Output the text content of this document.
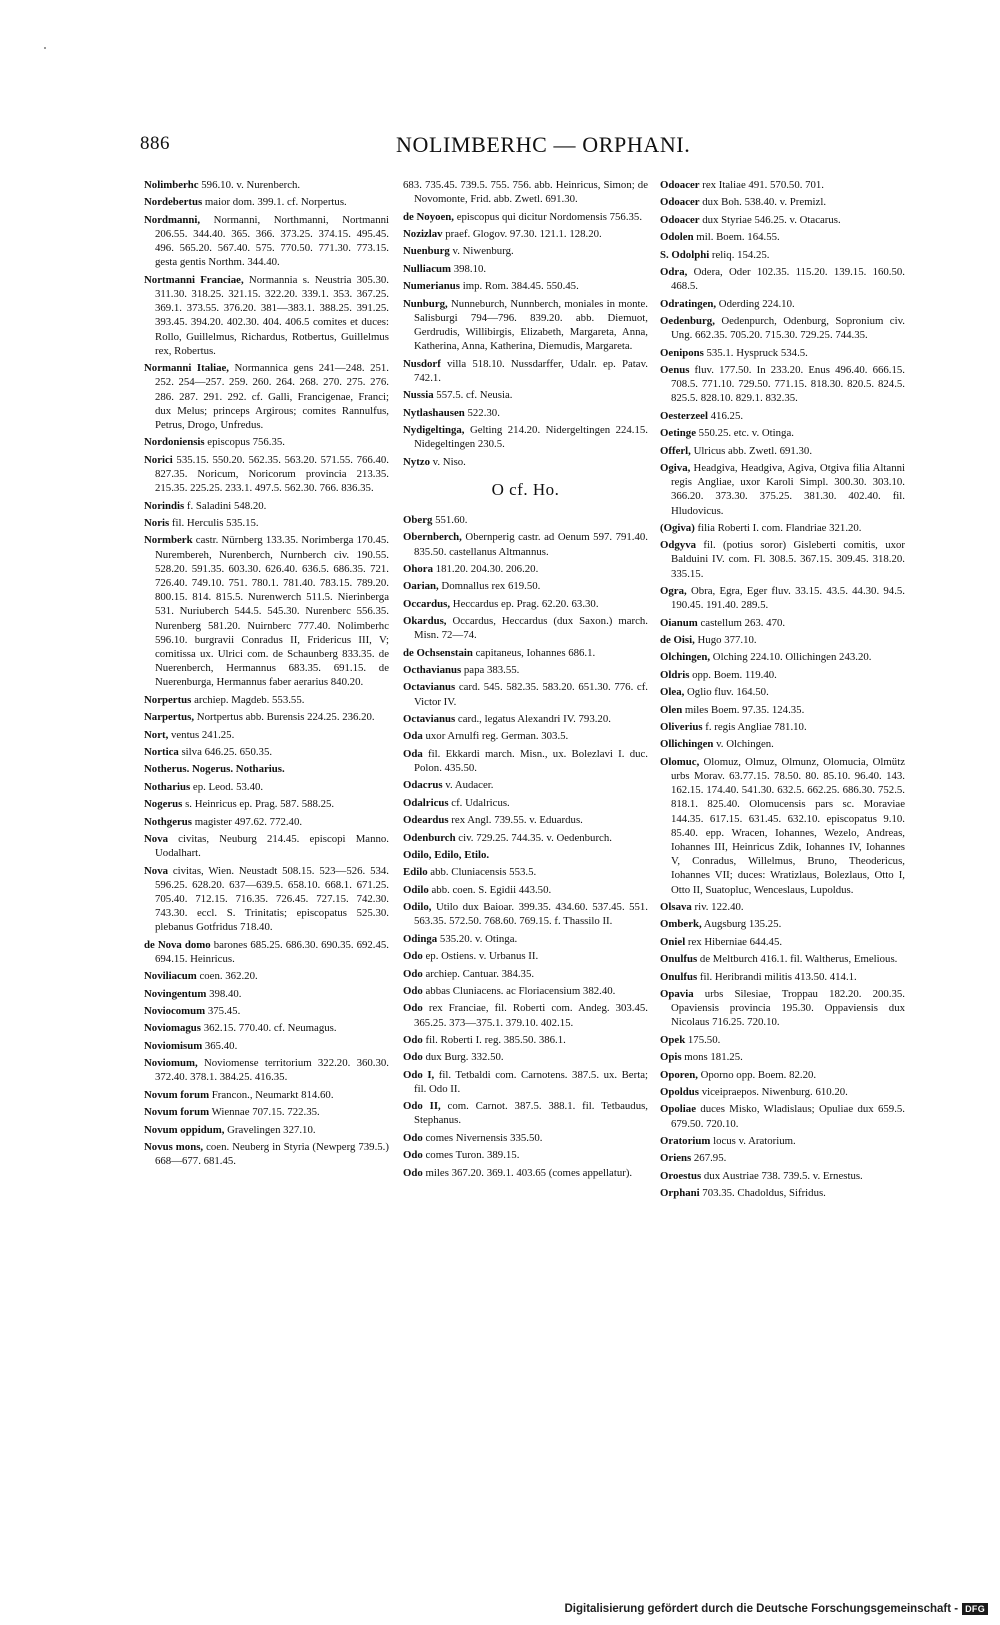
886	NOLIMBERHC — ORPHANI.

Nolimberhc 596.10. v. Nurenberch.

Nordebertus maior dom. 399.1. cf. Norpertus.

Nordmanni, Normanni, Northmanni, Nortmanni 206.55. 344.40. 365. 366. 373.25. 374.15. 495.45. 496. 565.20. 567.40. 575. 770.50. 771.30. 773.15. gesta gentis Northm. 344.40.

Nortmanni Franciae, Normannia s. Neustria 305.30. 311.30. 318.25. 321.15. 322.20. 339.1. 353. 367.25. 369.1. 373.55. 376.20. 381—383.1. 388.25. 391.25. 393.45. 394.20. 402.30. 404. 406.5 comites et duces: Rollo, Guillelmus, Richardus, Rotbertus, Guillelmus rex, Robertus.

Normanni Italiae, Normannica gens 241—248. 251. 252. 254—257. 259. 260. 264. 268. 270. 275. 276. 286. 287. 291. 292. cf. Galli, Francigenae, Franci; dux Melus; princeps Argirous; comites Rannulfus, Petrus, Drogo, Unfredus.

Nordoniensis episcopus 756.35.

Norici 535.15. 550.20. 562.35. 563.20. 571.55. 766.40. 827.35. Noricum, Noricorum provincia 213.35. 215.35. 225.25. 233.1. 497.5. 562.30. 766. 836.35.

Norindis f. Saladini 548.20.

Noris fil. Herculis 535.15.

Normberk castr. Nürnberg 133.35. Norimberga 170.45. Nurembereh, Nurenberch, Nurnberch civ. 190.55. 528.20. 591.35. 603.30. 626.40. 636.5. 686.35. 721. 726.40. 749.10. 751. 780.1. 781.40. 783.15. 789.20. 800.15. 814. 815.5. Nurenwerch 511.5. Nierinberga 531. Nuriuberch 544.5. 545.30. Nurenberc 556.35. Nurenberg 581.20. Nuirnberc 777.40. Nolimberhc 596.10. burgravii Conradus II, Fridericus III, V; comitissa ux. Ulrici com. de Schaunberg 833.35. de Nuerenberch, Hermannus 683.35. 691.15. de Nuerenburga, Hermannus faber aerarius 840.20.

Norpertus archiep. Magdeb. 553.55.

Narpertus, Nortpertus abb. Burensis 224.25. 236.20.

Nort, ventus 241.25.

Nortica silva 646.25. 650.35.

Notherus. Nogerus. Notharius.

Notharius ep. Leod. 53.40.

Nogerus s. Heinricus ep. Prag. 587. 588.25.

Nothgerus magister 497.62. 772.40.

Nova civitas, Neuburg 214.45. episcopi Manno. Uodalhart.

Nova civitas, Wien. Neustadt 508.15. 523—526. 534. 596.25. 628.20. 637—639.5. 658.10. 668.1. 671.25. 705.40. 712.15. 716.35. 726.45. 727.15. 742.30. 743.30. eccl. S. Trinitatis; episcopatus 525.30. plebanus Gotfridus 718.40.

de Nova domo barones 685.25. 686.30. 690.35. 692.45. 694.15. Heinricus.

Noviliacum coen. 362.20.

Novingentum 398.40.

Noviocomum 375.45.

Noviomagus 362.15. 770.40. cf. Neumagus.

Noviomisum 365.40.

Noviomum, Noviomense territorium 322.20. 360.30. 372.40. 378.1. 384.25. 416.35.

Novum forum Francon., Neumarkt 814.60.

Novum forum Wiennae 707.15. 722.35.

Novum oppidum, Gravelingen 327.10.

Novus mons, coen. Neuberg in Styria (Newperg 739.5.) 668—677. 681.45.

683. 735.45. 739.5. 755. 756. abb. Heinricus, Simon; de Novomonte, Frid. abb. Zwetl. 691.30.

de Noyoen, episcopus qui dicitur Nordomensis 756.35.

Nozizlav praef. Glogov. 97.30. 121.1. 128.20.

Nuenburg v. Niwenburg.

Nulliacum 398.10.

Numerianus imp. Rom. 384.45. 550.45.

Nunburg, Nunneburch, Nunnberch, moniales in monte. Salisburgi 794—796. 839.20. abb. Diemuot, Gerdrudis, Willibirgis, Elizabeth, Margareta, Anna, Katherina, Anna, Katherina, Diemudis, Margareta.

Nusdorf villa 518.10. Nussdarffer, Udalr. ep. Patav. 742.1.

Nussia 557.5. cf. Neusia.

Nytlashausen 522.30.

Nydigeltinga, Gelting 214.20. Nidergeltingen 224.15. Nidegeltingen 230.5.

Nytzo v. Niso.

O cf. Ho.

Oberg 551.60.

Obernberch, Obernperig castr. ad Oenum 597. 791.40. 835.50. castellanus Altmannus.

Ohora 181.20. 204.30. 206.20.

Oarian, Domnallus rex 619.50.

Occardus, Heccardus ep. Prag. 62.20. 63.30.

Okardus, Occardus, Heccardus (dux Saxon.) march. Misn. 72—74.

de Ochsenstain capitaneus, Iohannes 686.1.

Octhavianus papa 383.55.

Octavianus card. 545. 582.35. 583.20. 651.30. 776. cf. Victor IV.

Octavianus card., legatus Alexandri IV. 793.20.

Oda uxor Arnulfi reg. German. 303.5.

Oda fil. Ekkardi march. Misn., ux. Bolezlavi I. duc. Polon. 435.50.

Odacrus v. Audacer.

Odalricus cf. Udalricus.

Odeardus rex Angl. 739.55. v. Eduardus.

Odenburch civ. 729.25. 744.35. v. Oedenburch.

Odilo, Edilo, Etilo.

Edilo abb. Cluniacensis 553.5.

Odilo abb. coen. S. Egidii 443.50.

Odilo, Utilo dux Baioar. 399.35. 434.60. 537.45. 551. 563.35. 572.50. 768.60. 769.15. f. Thassilo II.

Odinga 535.20. v. Otinga.

Odo ep. Ostiens. v. Urbanus II.

Odo archiep. Cantuar. 384.35.

Odo abbas Cluniacens. ac Floriacensium 382.40.

Odo rex Franciae, fil. Roberti com. Andeg. 303.45. 365.25. 373—375.1. 379.10. 402.15.

Odo fil. Roberti I. reg. 385.50. 386.1.

Odo dux Burg. 332.50.

Odo I, fil. Tetbaldi com. Carnotens. 387.5. ux. Berta; fil. Odo II.

Odo II, com. Carnot. 387.5. 388.1. fil. Tetbaudus, Stephanus.

Odo comes Nivernensis 335.50.

Odo comes Turon. 389.15.

Odo miles 367.20. 369.1. 403.65 (comes appellatur).

Odoacer rex Italiae 491. 570.50. 701.

Odoacer dux Boh. 538.40. v. Premizl.

Odoacer dux Styriae 546.25. v. Otacarus.

Odolen mil. Boem. 164.55.

S. Odolphi reliq. 154.25.

Odra, Odera, Oder 102.35. 115.20. 139.15. 160.50. 468.5.

Odratingen, Oderding 224.10.

Oedenburg, Oedenpurch, Odenburg, Sopronium civ. Ung. 662.35. 705.20. 715.30. 729.25. 744.35.

Oenipons 535.1. Hyspruck 534.5.

Oenus fluv. 177.50. In 233.20. Enus 496.40. 666.15. 708.5. 771.10. 729.50. 771.15. 818.30. 820.5. 824.5. 825.5. 828.10. 829.1. 832.35.

Oesterzeel 416.25.

Oetinge 550.25. etc. v. Otinga.

Offerl, Ulricus abb. Zwetl. 691.30.

Ogiva, Headgiva, Headgiva, Agiva, Otgiva filia Altanni regis Angliae, uxor Karoli Simpl. 300.30. 303.10. 366.20. 373.30. 375.25. 381.30. 402.40. fil. Hludovicus.

(Ogiva) filia Roberti I. com. Flandriae 321.20.

Odgyva fil. (potius soror) Gisleberti comitis, uxor Balduini IV. com. Fl. 308.5. 367.15. 309.45. 318.20. 335.15.

Ogra, Obra, Egra, Eger fluv. 33.15. 43.5. 44.30. 94.5. 190.45. 191.40. 289.5.

Oianum castellum 263. 470.

de Oisi, Hugo 377.10.

Olchingen, Olching 224.10. Ollichingen 243.20.

Oldris opp. Boem. 119.40.

Olea, Oglio fluv. 164.50.

Olen miles Boem. 97.35. 124.35.

Oliverius f. regis Angliae 781.10.

Ollichingen v. Olchingen.

Olomuc, Olomuz, Olmuz, Olmunz, Olomucia, Olmütz urbs Morav. 63.77.15. 78.50. 80. 85.10. 96.40. 143. 162.15. 174.40. 541.30. 632.5. 662.25. 686.30. 752.5. 818.1. 825.40. Olomucensis pars sc. Moraviae 144.35. 617.15. 631.45. 632.10. episcopatus 9.10. 85.40. epp. Wracen, Iohannes, Wezelo, Andreas, Iohannes III, Heinricus Zdik, Iohannes IV, Iohannes V, Conradus, Willelmus, Bruno, Theodericus, Iohannes VII; duces: Wratizlaus, Bolezlaus, Otto I, Otto II, Suatopluc, Wenceslaus, Lupoldus.

Olsava riv. 122.40.

Omberk, Augsburg 135.25.

Oniel rex Hiberniae 644.45.

Onulfus de Meltburch 416.1. fil. Waltherus, Emelious.

Onulfus fil. Heribrandi militis 413.50. 414.1.

Opavia urbs Silesiae, Troppau 182.20. 200.35. Opaviensis provincia 195.30. Oppaviensis dux Nicolaus 716.25. 720.10.

Opek 175.50.

Opis mons 181.25.

Oporen, Oporno opp. Boem. 82.20.

Opoldus viceipraepos. Niwenburg. 610.20.

Opoliae duces Misko, Wladislaus; Opuliae dux 659.5. 679.50. 720.10.

Oratorium locus v. Aratorium.

Oriens 267.95.

Oroestus dux Austriae 738. 739.5. v. Ernestus.

Orphani 703.35. Chadoldus, Sifridus.

Digitalisierung gefördert durch die Deutsche Forschungsgemeinschaft - DFG
